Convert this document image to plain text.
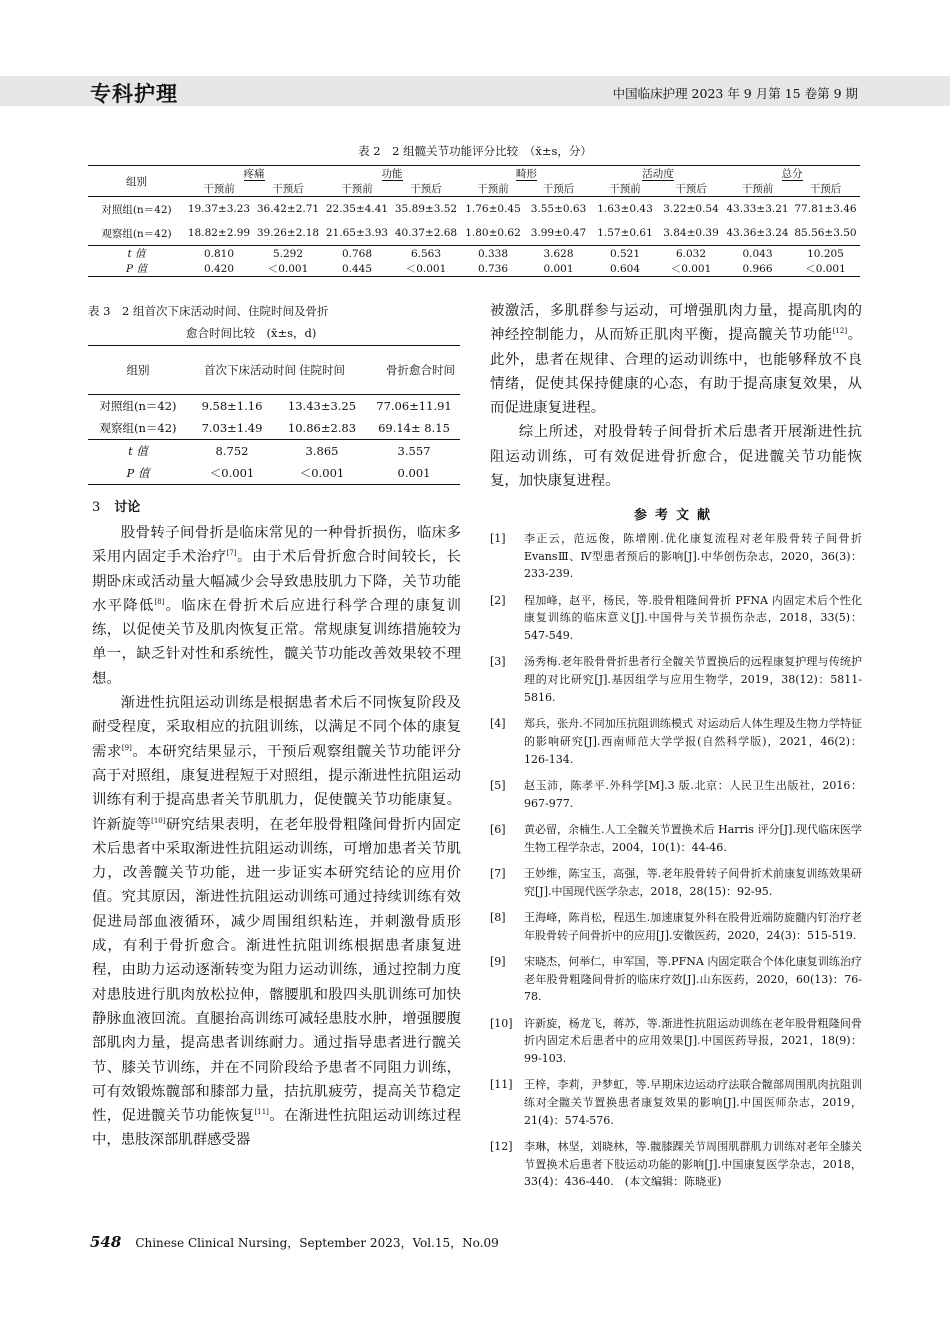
专科护理	中国临床护理 2023 年 9 月第 15 卷第 9 期
表 2　2 组髋关节功能评分比较　（x̄±s，分）
组别	疼痛		功能		畸形		活动度		总分	
	干预前	干预后	干预前	干预后	干预前	干预后	干预前	干预后	干预前	干预后
对照组(n＝42)	19.37±3.23	36.42±2.71	22.35±4.41	35.89±3.52	1.76±0.45	3.55±0.63	1.63±0.43	3.22±0.54	43.33±3.21	77.81±3.46
观察组(n＝42)	18.82±2.99	39.26±2.18	21.65±3.93	40.37±2.68	1.80±0.62	3.99±0.47	1.57±0.61	3.84±0.39	43.36±3.24	85.56±3.50
t 值	0.810	5.292	0.768	6.563	0.338	3.628	0.521	6.032	0.043	10.205
P 值	0.420	＜0.001	0.445	＜0.001	0.736	0.001	0.604	＜0.001	0.966	＜0.001
表 3　2 组首次下床活动时间、住院时间及骨折
愈合时间比较　(x̄±s，d)
组别	首次下床活动时间	住院时间	骨折愈合时间

对照组(n＝42)	9.58±1.16	13.43±3.25	77.06±11.91
观察组(n＝42)	7.03±1.49	10.86±2.83	69.14± 8.15
t 值	8.752	3.865	3.557
P 值	＜0.001	＜0.001	0.001
3 讨论

股骨转子间骨折是临床常见的一种骨折损伤，临床多采用内固定手术治疗[7]。由于术后骨折愈合时间较长，长期卧床或活动量大幅减少会导致患肢肌力下降，关节功能水平降低[8]。临床在骨折术后应进行科学合理的康复训练，以促使关节及肌肉恢复正常。常规康复训练措施较为单一，缺乏针对性和系统性，髋关节功能改善效果较不理想。

渐进性抗阻运动训练是根据患者术后不同恢复阶段及耐受程度，采取相应的抗阻训练，以满足不同个体的康复需求[9]。本研究结果显示，干预后观察组髋关节功能评分高于对照组，康复进程短于对照组，提示渐进性抗阻运动训练有利于提高患者关节肌肌力，促使髋关节功能康复。许新旋等[10]研究结果表明，在老年股骨粗隆间骨折内固定术后患者中采取渐进性抗阻运动训练，可增加患者关节肌力，改善髋关节功能，进一步证实本研究结论的应用价值。究其原因，渐进性抗阻运动训练可通过持续训练有效促进局部血液循环，减少周围组织粘连，并刺激骨质形成，有利于骨折愈合。渐进性抗阻训练根据患者康复进程，由助力运动逐渐转变为阻力运动训练，通过控制力度对患肢进行肌肉放松拉伸，髂腰肌和股四头肌训练可加快静脉血液回流。直腿抬高训练可减轻患肢水肿，增强腰腹部肌肉力量，提高患者训练耐力。通过指导患者进行髋关节、膝关节训练，并在不同阶段给予患者不同阻力训练，可有效锻炼髋部和膝部力量，拮抗肌疲劳，提高关节稳定性，促进髋关节功能恢复[11]。在渐进性抗阻运动训练过程中，患肢深部肌群感受器

被激活，多肌群参与运动，可增强肌肉力量，提高肌肉的神经控制能力，从而矫正肌肉平衡，提高髋关节功能[12]。此外，患者在规律、合理的运动训练中，也能够释放不良情绪，促使其保持健康的心态，有助于提高康复效果，从而促进康复进程。

综上所述，对股骨转子间骨折术后患者开展渐进性抗阻运动训练，可有效促进骨折愈合，促进髋关节功能恢复，加快康复进程。

参考文献
[1]	李正云，范远俊，陈增刚.优化康复流程对老年股骨转子间骨折 EvansⅢ、Ⅳ型患者预后的影响[J].中华创伤杂志，2020，36(3)：233-239.
[2]	程加峰，赵平，杨民，等.股骨粗隆间骨折 PFNA 内固定术后个性化康复训练的临床意义[J].中国骨与关节损伤杂志，2018，33(5)：547-549.
[3]	汤秀梅.老年股骨骨折患者行全髋关节置换后的远程康复护理与传统护理的对比研究[J].基因组学与应用生物学，2019，38(12)：5811-5816.
[4]	郑兵，张舟.不同加压抗阻训练模式 对运动后人体生理及生物力学特征的影响研究[J].西南师范大学学报(自然科学版)，2021，46(2)：126-134.
[5]	赵玉沛，陈孝平.外科学[M].3 版.北京：人民卫生出版社，2016：967-977.
[6]	黄必留，余楠生.人工全髋关节置换术后 Harris 评分[J].现代临床医学生物工程学杂志，2004，10(1)：44-46.
[7]	王妙维，陈宝玉，高强，等.老年股骨转子间骨折术前康复训练效果研究[J].中国现代医学杂志，2018，28(15)：92-95.
[8]	王海峰，陈肖松，程迅生.加速康复外科在股骨近端防旋髓内钉治疗老年股骨转子间骨折中的应用[J].安徽医药，2020，24(3)：515-519.
[9]	宋晓杰，何举仁，申军国，等.PFNA 内固定联合个体化康复训练治疗老年股骨粗隆间骨折的临床疗效[J].山东医药，2020，60(13)：76-78.
[10]	许新旋，杨龙飞，蒋苏，等.渐进性抗阻运动训练在老年股骨粗隆间骨折内固定术后患者中的应用效果[J].中国医药导报，2021，18(9)：99-103.
[11]	王梓，李莉，尹梦虹，等.早期床边运动疗法联合髋部周围肌肉抗阻训练对全髋关节置换患者康复效果的影响[J].中国医师杂志，2019，21(4)：574-576.
[12]	李琳，林坚，刘晓林，等.髋膝踝关节周围肌群肌力训练对老年全膝关节置换术后患者下肢运动功能的影响[J].中国康复医学杂志，2018，33(4)：436-440.　(本文编辑：陈晓亚)
548 Chinese Clinical Nursing，September 2023，Vol.15，No.09
